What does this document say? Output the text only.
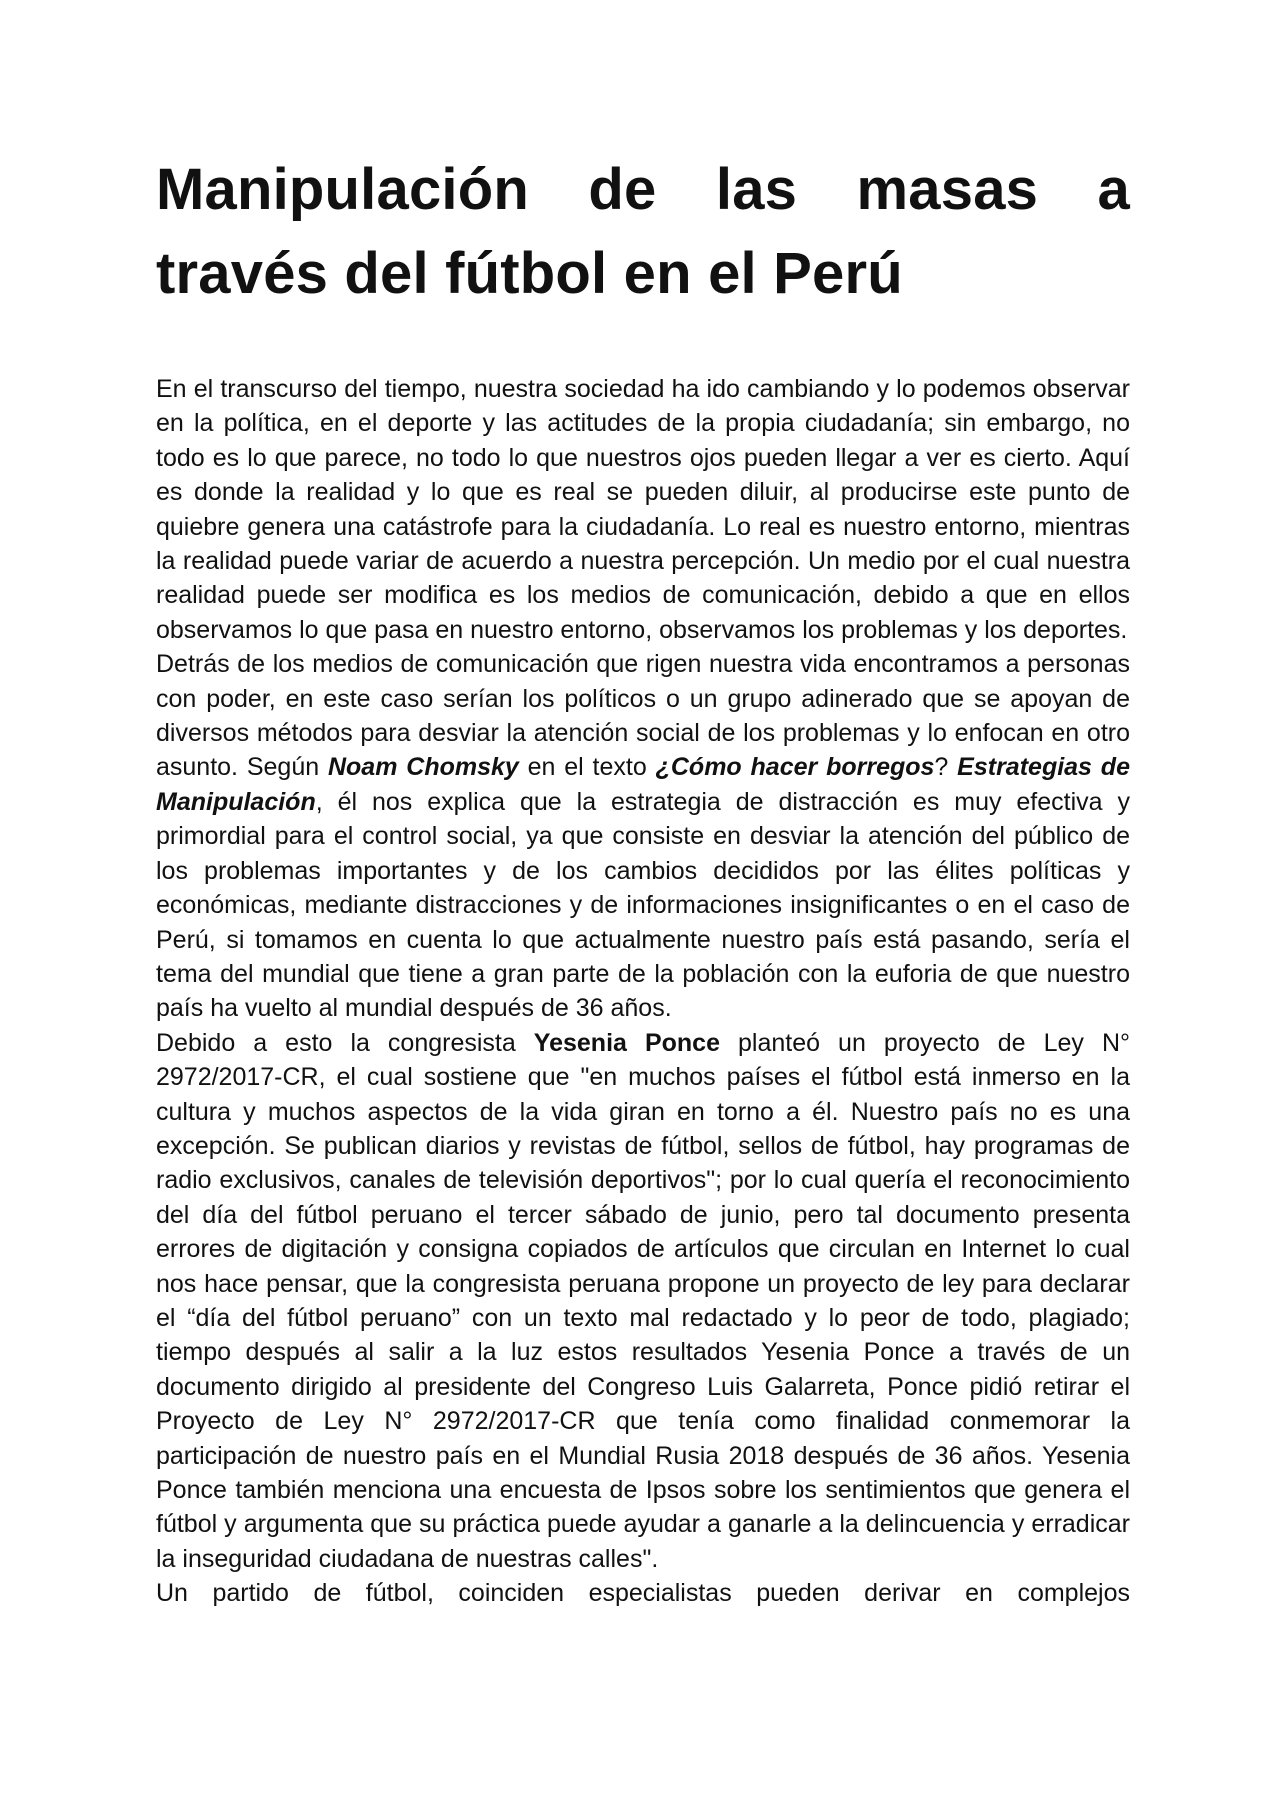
Manipulación de las masas a través del fútbol en el Perú

En el transcurso del tiempo, nuestra sociedad ha ido cambiando y lo podemos observar en la política, en el deporte y las actitudes de la propia ciudadanía; sin embargo, no todo es lo que parece, no todo lo que nuestros ojos pueden llegar a ver es cierto. Aquí es donde la realidad y lo que es real se pueden diluir, al producirse este punto de quiebre genera una catástrofe para la ciudadanía. Lo real es nuestro entorno, mientras la realidad puede variar de acuerdo a nuestra percepción. Un medio por el cual nuestra realidad puede ser modifica es los medios de comunicación, debido a que en ellos observamos lo que pasa en nuestro entorno, observamos los problemas y los deportes.

Detrás de los medios de comunicación que rigen nuestra vida encontramos a personas con poder, en este caso serían los políticos o un grupo adinerado que se apoyan de diversos métodos para desviar la atención social de los problemas y lo enfocan en otro asunto. Según Noam Chomsky en el texto ¿Cómo hacer borregos? Estrategias de Manipulación, él nos explica que la estrategia de distracción es muy efectiva y primordial para el control social, ya que consiste en desviar la atención del público de los problemas importantes y de los cambios decididos por las élites políticas y económicas, mediante distracciones y de informaciones insignificantes o en el caso de Perú, si tomamos en cuenta lo que actualmente nuestro país está pasando, sería el tema del mundial que tiene a gran parte de la población con la euforia de que nuestro país ha vuelto al mundial después de 36 años.

Debido a esto la congresista Yesenia Ponce planteó un proyecto de Ley N° 2972/2017-CR, el cual sostiene que "en muchos países el fútbol está inmerso en la cultura y muchos aspectos de la vida giran en torno a él. Nuestro país no es una excepción. Se publican diarios y revistas de fútbol, sellos de fútbol, hay programas de radio exclusivos, canales de televisión deportivos"; por lo cual quería el reconocimiento del día del fútbol peruano el tercer sábado de junio, pero tal documento presenta errores de digitación y consigna copiados de artículos que circulan en Internet lo cual nos hace pensar, que la congresista peruana propone un proyecto de ley para declarar el “día del fútbol peruano” con un texto mal redactado y lo peor de todo, plagiado; tiempo después al salir a la luz estos resultados Yesenia Ponce a través de un documento dirigido al presidente del Congreso Luis Galarreta, Ponce pidió retirar el Proyecto de Ley N° 2972/2017-CR que tenía como finalidad conmemorar la participación de nuestro país en el Mundial Rusia 2018 después de 36 años. Yesenia Ponce también menciona una encuesta de Ipsos sobre los sentimientos que genera el fútbol y argumenta que su práctica puede ayudar a ganarle a la delincuencia y erradicar la inseguridad ciudadana de nuestras calles".

Un partido de fútbol, coinciden especialistas pueden derivar en complejos
